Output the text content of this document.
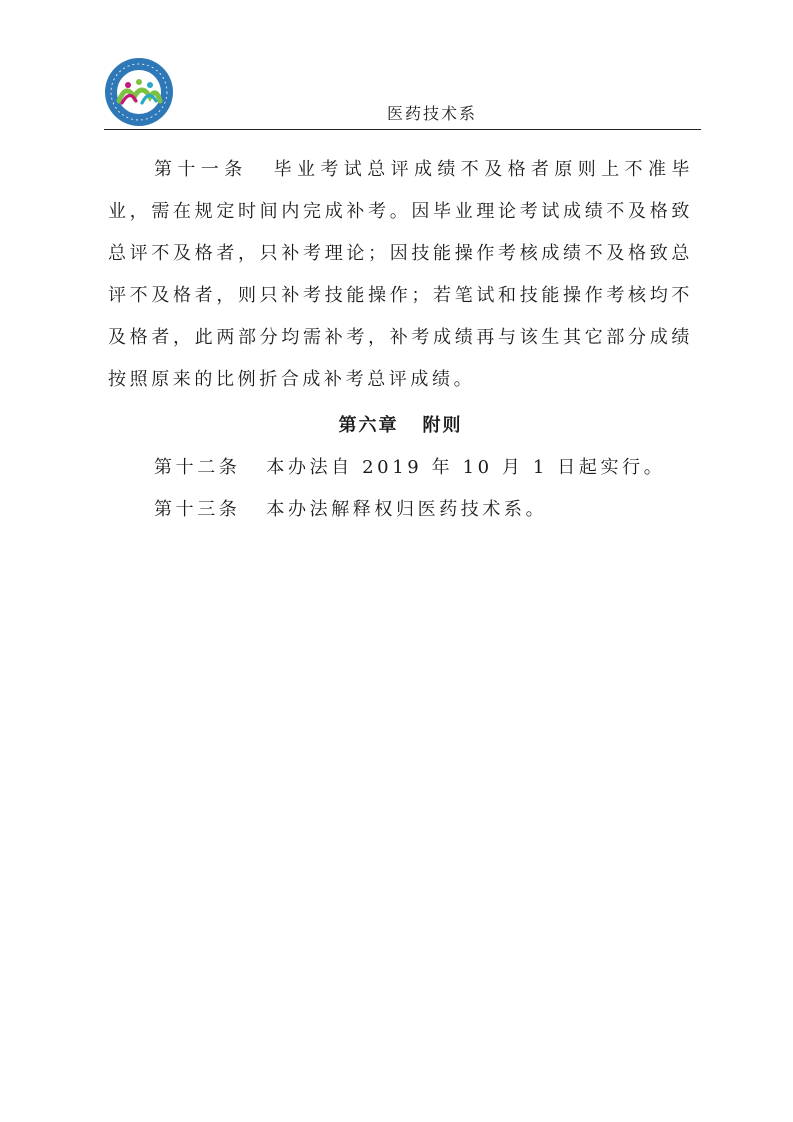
医药技术系

第十一条 毕业考试总评成绩不及格者原则上不准毕业，需在规定时间内完成补考。因毕业理论考试成绩不及格致总评不及格者，只补考理论；因技能操作考核成绩不及格致总评不及格者，则只补考技能操作；若笔试和技能操作考核均不及格者，此两部分均需补考，补考成绩再与该生其它部分成绩按照原来的比例折合成补考总评成绩。

第六章 附则

第十二条 本办法自 2019 年 10 月 1 日起实行。

第十三条 本办法解释权归医药技术系。
